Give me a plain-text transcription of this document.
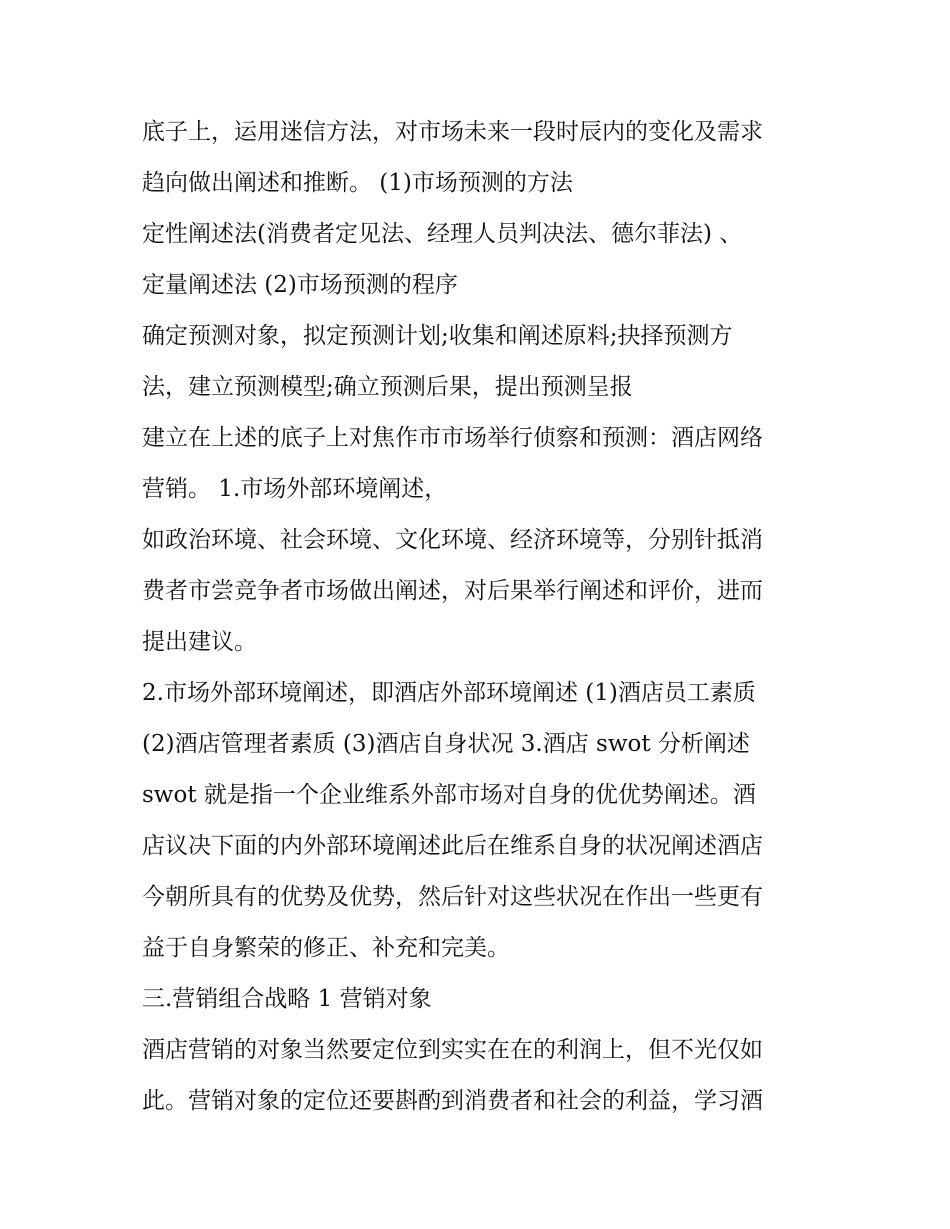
底子上，运用迷信方法，对市场未来一段时辰内的变化及需求
趋向做出阐述和推断。 (1)市场预测的方法
定性阐述法(消费者定见法、经理人员判决法、德尔菲法) 、
定量阐述法 (2)市场预测的程序
确定预测对象，拟定预测计划;收集和阐述原料;抉择预测方
法，建立预测模型;确立预测后果，提出预测呈报
建立在上述的底子上对焦作市市场举行侦察和预测：酒店网络
营销。 1.市场外部环境阐述，
如政治环境、社会环境、文化环境、经济环境等，分别针抵消
费者市尝竞争者市场做出阐述，对后果举行阐述和评价，进而
提出建议。
2.市场外部环境阐述，即酒店外部环境阐述 (1)酒店员工素质
(2)酒店管理者素质 (3)酒店自身状况 3.酒店 swot 分析阐述
swot 就是指一个企业维系外部市场对自身的优优势阐述。酒
店议决下面的内外部环境阐述此后在维系自身的状况阐述酒店
今朝所具有的优势及优势，然后针对这些状况在作出一些更有
益于自身繁荣的修正、补充和完美。
三.营销组合战略 1 营销对象
酒店营销的对象当然要定位到实实在在的利润上，但不光仅如
此。营销对象的定位还要斟酌到消费者和社会的利益，学习酒
